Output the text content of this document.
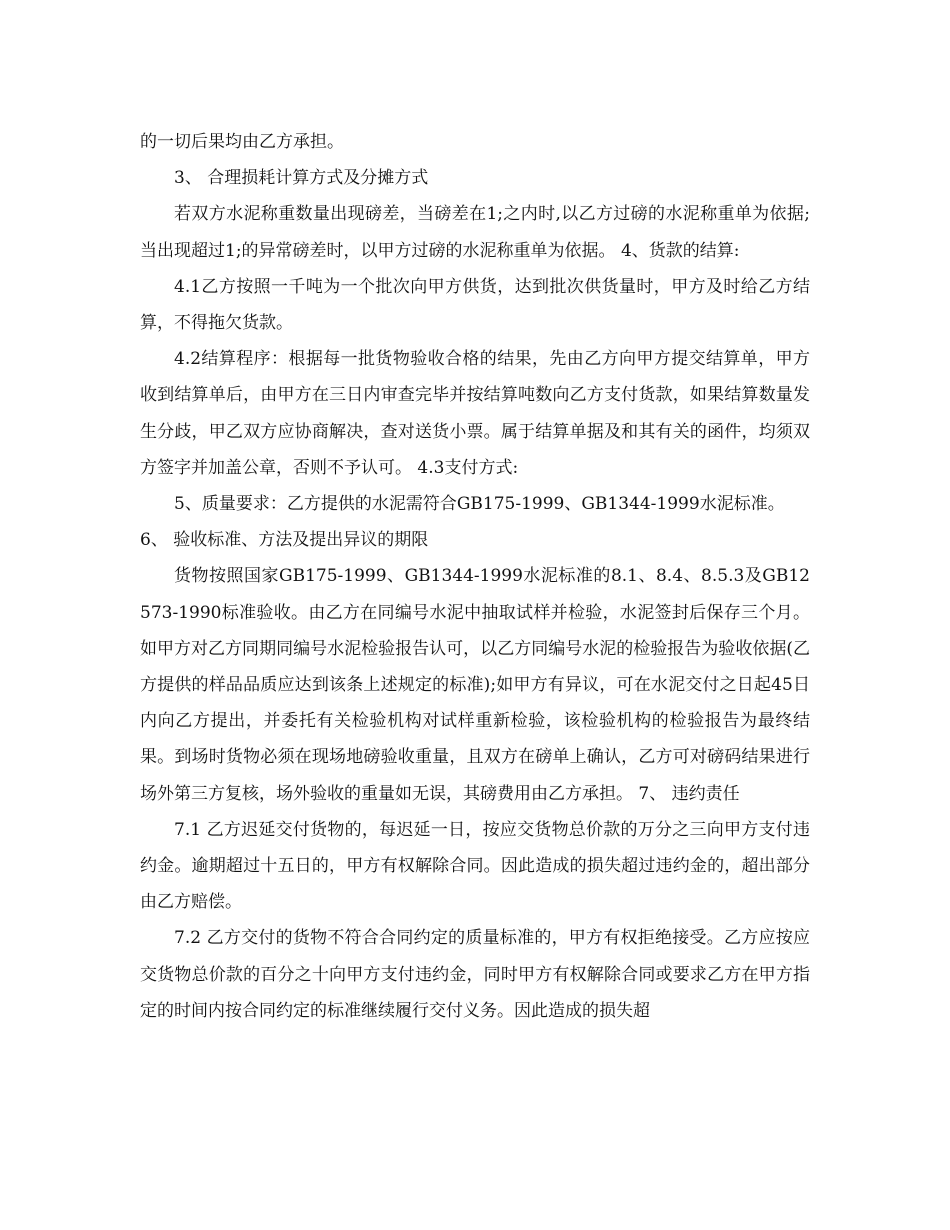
的一切后果均由乙方承担。

3、 合理损耗计算方式及分摊方式

若双方水泥称重数量出现磅差，当磅差在1;之内时,以乙方过磅的水泥称重单为依据;当出现超过1;的异常磅差时，以甲方过磅的水泥称重单为依据。 4、货款的结算:

4.1乙方按照一千吨为一个批次向甲方供货，达到批次供货量时，甲方及时给乙方结算，不得拖欠货款。

4.2结算程序：根据每一批货物验收合格的结果，先由乙方向甲方提交结算单，甲方收到结算单后，由甲方在三日内审查完毕并按结算吨数向乙方支付货款，如果结算数量发生分歧，甲乙双方应协商解决，查对送货小票。属于结算单据及和其有关的函件，均须双方签字并加盖公章，否则不予认可。 4.3支付方式:

5、质量要求：乙方提供的水泥需符合GB175-1999、GB1344-1999水泥标准。

6、 验收标准、方法及提出异议的期限

货物按照国家GB175-1999、GB1344-1999水泥标准的8.1、8.4、8.5.3及GB12573-1990标准验收。由乙方在同编号水泥中抽取试样并检验，水泥签封后保存三个月。如甲方对乙方同期同编号水泥检验报告认可，以乙方同编号水泥的检验报告为验收依据(乙方提供的样品品质应达到该条上述规定的标准);如甲方有异议，可在水泥交付之日起45日内向乙方提出，并委托有关检验机构对试样重新检验，该检验机构的检验报告为最终结果。到场时货物必须在现场地磅验收重量，且双方在磅单上确认，乙方可对磅码结果进行场外第三方复核，场外验收的重量如无误，其磅费用由乙方承担。 7、 违约责任

7.1 乙方迟延交付货物的，每迟延一日，按应交货物总价款的万分之三向甲方支付违约金。逾期超过十五日的，甲方有权解除合同。因此造成的损失超过违约金的，超出部分由乙方赔偿。

7.2 乙方交付的货物不符合合同约定的质量标准的，甲方有权拒绝接受。乙方应按应交货物总价款的百分之十向甲方支付违约金，同时甲方有权解除合同或要求乙方在甲方指定的时间内按合同约定的标准继续履行交付义务。因此造成的损失超
